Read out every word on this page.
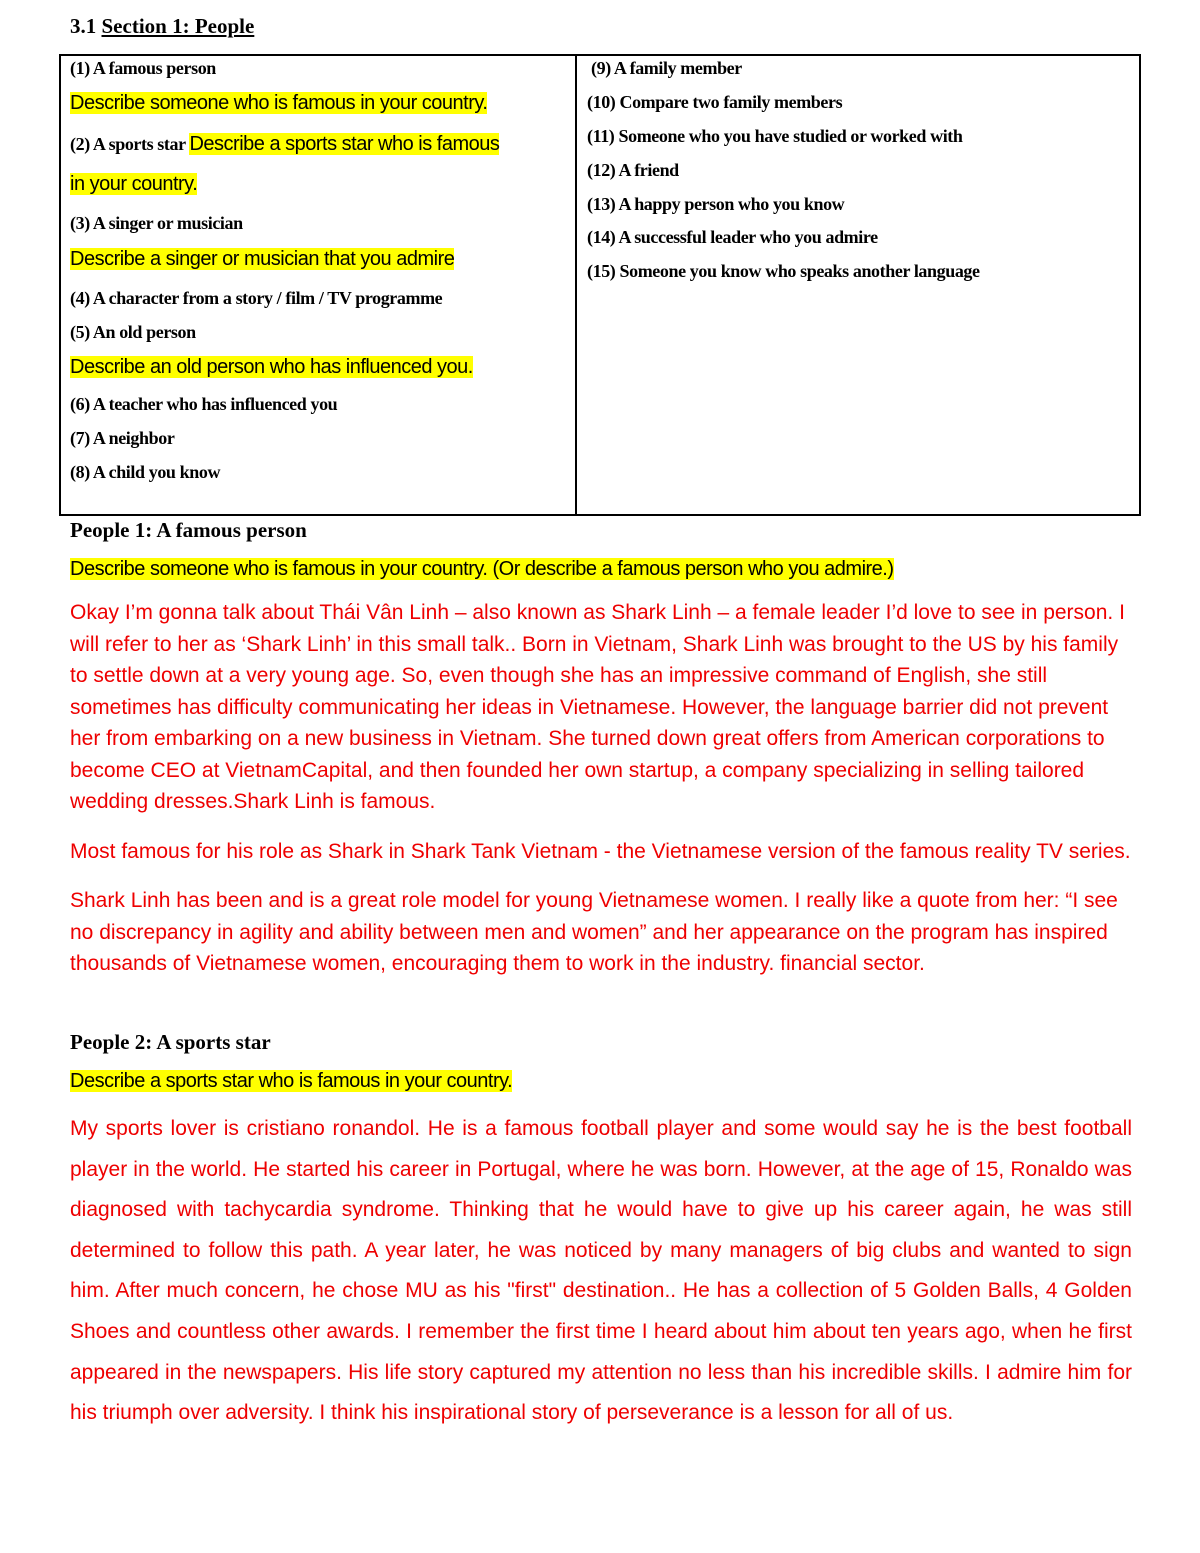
3.1 Section 1: People
(1) A famous person
Describe someone who is famous in your country.
(2) A sports star Describe a sports star who is famous
in your country.
(3) A singer or musician
Describe a singer or musician that you admire
(4) A character from a story / film / TV programme
(5) An old person
Describe an old person who has influenced you.
(6) A teacher who has influenced you
(7) A neighbor
(8) A child you know
(9) A family member
(10) Compare two family members
(11) Someone who you have studied or worked with
(12) A friend
(13) A happy person who you know
(14) A successful leader who you admire
(15) Someone you know who speaks another language
People 1: A famous person
Describe someone who is famous in your country. (Or describe a famous person who you admire.)

Okay I’m gonna talk about Thái Vân Linh – also known as Shark Linh – a female leader I’d love to see in person. I will refer to her as ‘Shark Linh’ in this small talk.. Born in Vietnam, Shark Linh was brought to the US by his family to settle down at a very young age. So, even though she has an impressive command of English, she still sometimes has difficulty communicating her ideas in Vietnamese. However, the language barrier did not prevent her from embarking on a new business in Vietnam. She turned down great offers from American corporations to become CEO at VietnamCapital, and then founded her own startup, a company specializing in selling tailored wedding dresses.Shark Linh is famous.

Most famous for his role as Shark in Shark Tank Vietnam - the Vietnamese version of the famous reality TV series.

Shark Linh has been and is a great role model for young Vietnamese women. I really like a quote from her: “I see no discrepancy in agility and ability between men and women” and her appearance on the program has inspired thousands of Vietnamese women, encouraging them to work in the industry. financial sector.

People 2: A sports star
Describe a sports star who is famous in your country.

My sports lover is cristiano ronandol. He is a famous football player and some would say he is the best football player in the world. He started his career in Portugal, where he was born. However, at the age of 15, Ronaldo was diagnosed with tachycardia syndrome. Thinking that he would have to give up his career again, he was still determined to follow this path. A year later, he was noticed by many managers of big clubs and wanted to sign him. After much concern, he chose MU as his "first" destination.. He has a collection of 5 Golden Balls, 4 Golden Shoes and countless other awards. I remember the first time I heard about him about ten years ago, when he first appeared in the newspapers. His life story captured my attention no less than his incredible skills. I admire him for his triumph over adversity. I think his inspirational story of perseverance is a lesson for all of us.
